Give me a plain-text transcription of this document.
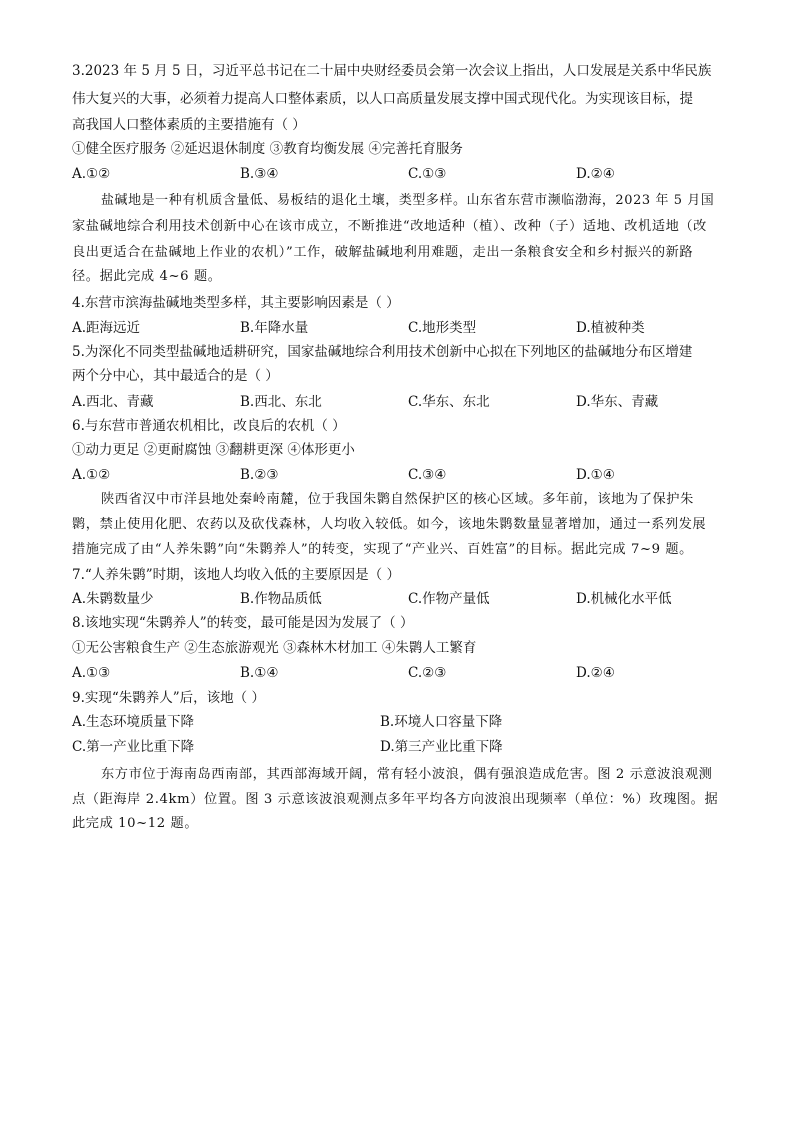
3.2023 年 5 月 5 日，习近平总书记在二十届中央财经委员会第一次会议上指出，人口发展是关系中华民族
伟大复兴的大事，必须着力提高人口整体素质，以人口高质量发展支撑中国式现代化。为实现该目标，提
高我国人口整体素质的主要措施有（ ）
①健全医疗服务 ②延迟退休制度 ③教育均衡发展 ④完善托育服务
A.①②	B.③④	C.①③	D.②④
盐碱地是一种有机质含量低、易板结的退化土壤，类型多样。山东省东营市濒临渤海，2023 年 5 月国
家盐碱地综合利用技术创新中心在该市成立，不断推进“改地适种（植）、改种（子）适地、改机适地（改
良出更适合在盐碱地上作业的农机）”工作，破解盐碱地利用难题，走出一条粮食安全和乡村振兴的新路
径。据此完成 4~6 题。
4.东营市滨海盐碱地类型多样，其主要影响因素是（ ）
A.距海远近	B.年降水量	C.地形类型	D.植被种类
5.为深化不同类型盐碱地适耕研究，国家盐碱地综合利用技术创新中心拟在下列地区的盐碱地分布区增建
两个分中心，其中最适合的是（ ）
A.西北、青藏	B.西北、东北	C.华东、东北	D.华东、青藏
6.与东营市普通农机相比，改良后的农机（ ）
①动力更足 ②更耐腐蚀 ③翻耕更深 ④体形更小
A.①②	B.②③	C.③④	D.①④
陕西省汉中市洋县地处秦岭南麓，位于我国朱鹮自然保护区的核心区域。多年前，该地为了保护朱
鹮，禁止使用化肥、农药以及砍伐森林，人均收入较低。如今，该地朱鹮数量显著增加，通过一系列发展
措施完成了由“人养朱鹮”向“朱鹮养人”的转变，实现了“产业兴、百姓富”的目标。据此完成 7~9 题。
7.“人养朱鹮”时期，该地人均收入低的主要原因是（ ）
A.朱鹮数量少	B.作物品质低	C.作物产量低	D.机械化水平低
8.该地实现“朱鹮养人”的转变，最可能是因为发展了（ ）
①无公害粮食生产 ②生态旅游观光 ③森林木材加工 ④朱鹮人工繁育
A.①③	B.①④	C.②③	D.②④
9.实现“朱鹮养人”后，该地（ ）
A.生态环境质量下降	B.环境人口容量下降
C.第一产业比重下降	D.第三产业比重下降
东方市位于海南岛西南部，其西部海域开阔，常有轻小波浪，偶有强浪造成危害。图 2 示意波浪观测
点（距海岸 2.4km）位置。图 3 示意该波浪观测点多年平均各方向波浪出现频率（单位：%）玫瑰图。据
此完成 10~12 题。
